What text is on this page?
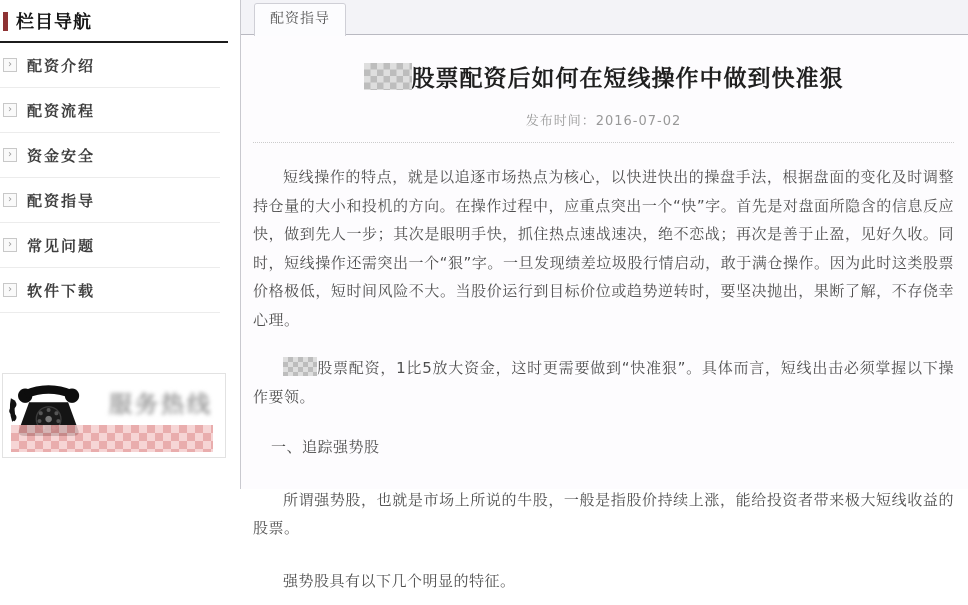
栏目导航
›	配资介绍
›	配资流程
›	资金安全
›	配资指导
›	常见问题
›	软件下载
服务热线
配资指导
股票配资后如何在短线操作中做到快准狠
发布时间：2016-07-02

短线操作的特点，就是以追逐市场热点为核心，以快进快出的操盘手法，根据盘面的变化及时调整持仓量的大小和投机的方向。在操作过程中，应重点突出一个“快”字。首先是对盘面所隐含的信息反应快，做到先人一步；其次是眼明手快，抓住热点速战速决，绝不恋战；再次是善于止盈，见好久收。同时，短线操作还需突出一个“狠”字。一旦发现绩差垃圾股行情启动，敢于满仓操作。因为此时这类股票价格极低，短时间风险不大。当股价运行到目标价位或趋势逆转时，要坚决抛出，果断了解，不存侥幸心理。

股票配资，1比5放大资金，这时更需要做到“快准狠”。具体而言，短线出击必须掌握以下操作要领。

一、追踪强势股

所谓强势股，也就是市场上所说的牛股，一般是指股价持续上涨，能给投资者带来极大短线收益的股票。

强势股具有以下几个明显的特征。
